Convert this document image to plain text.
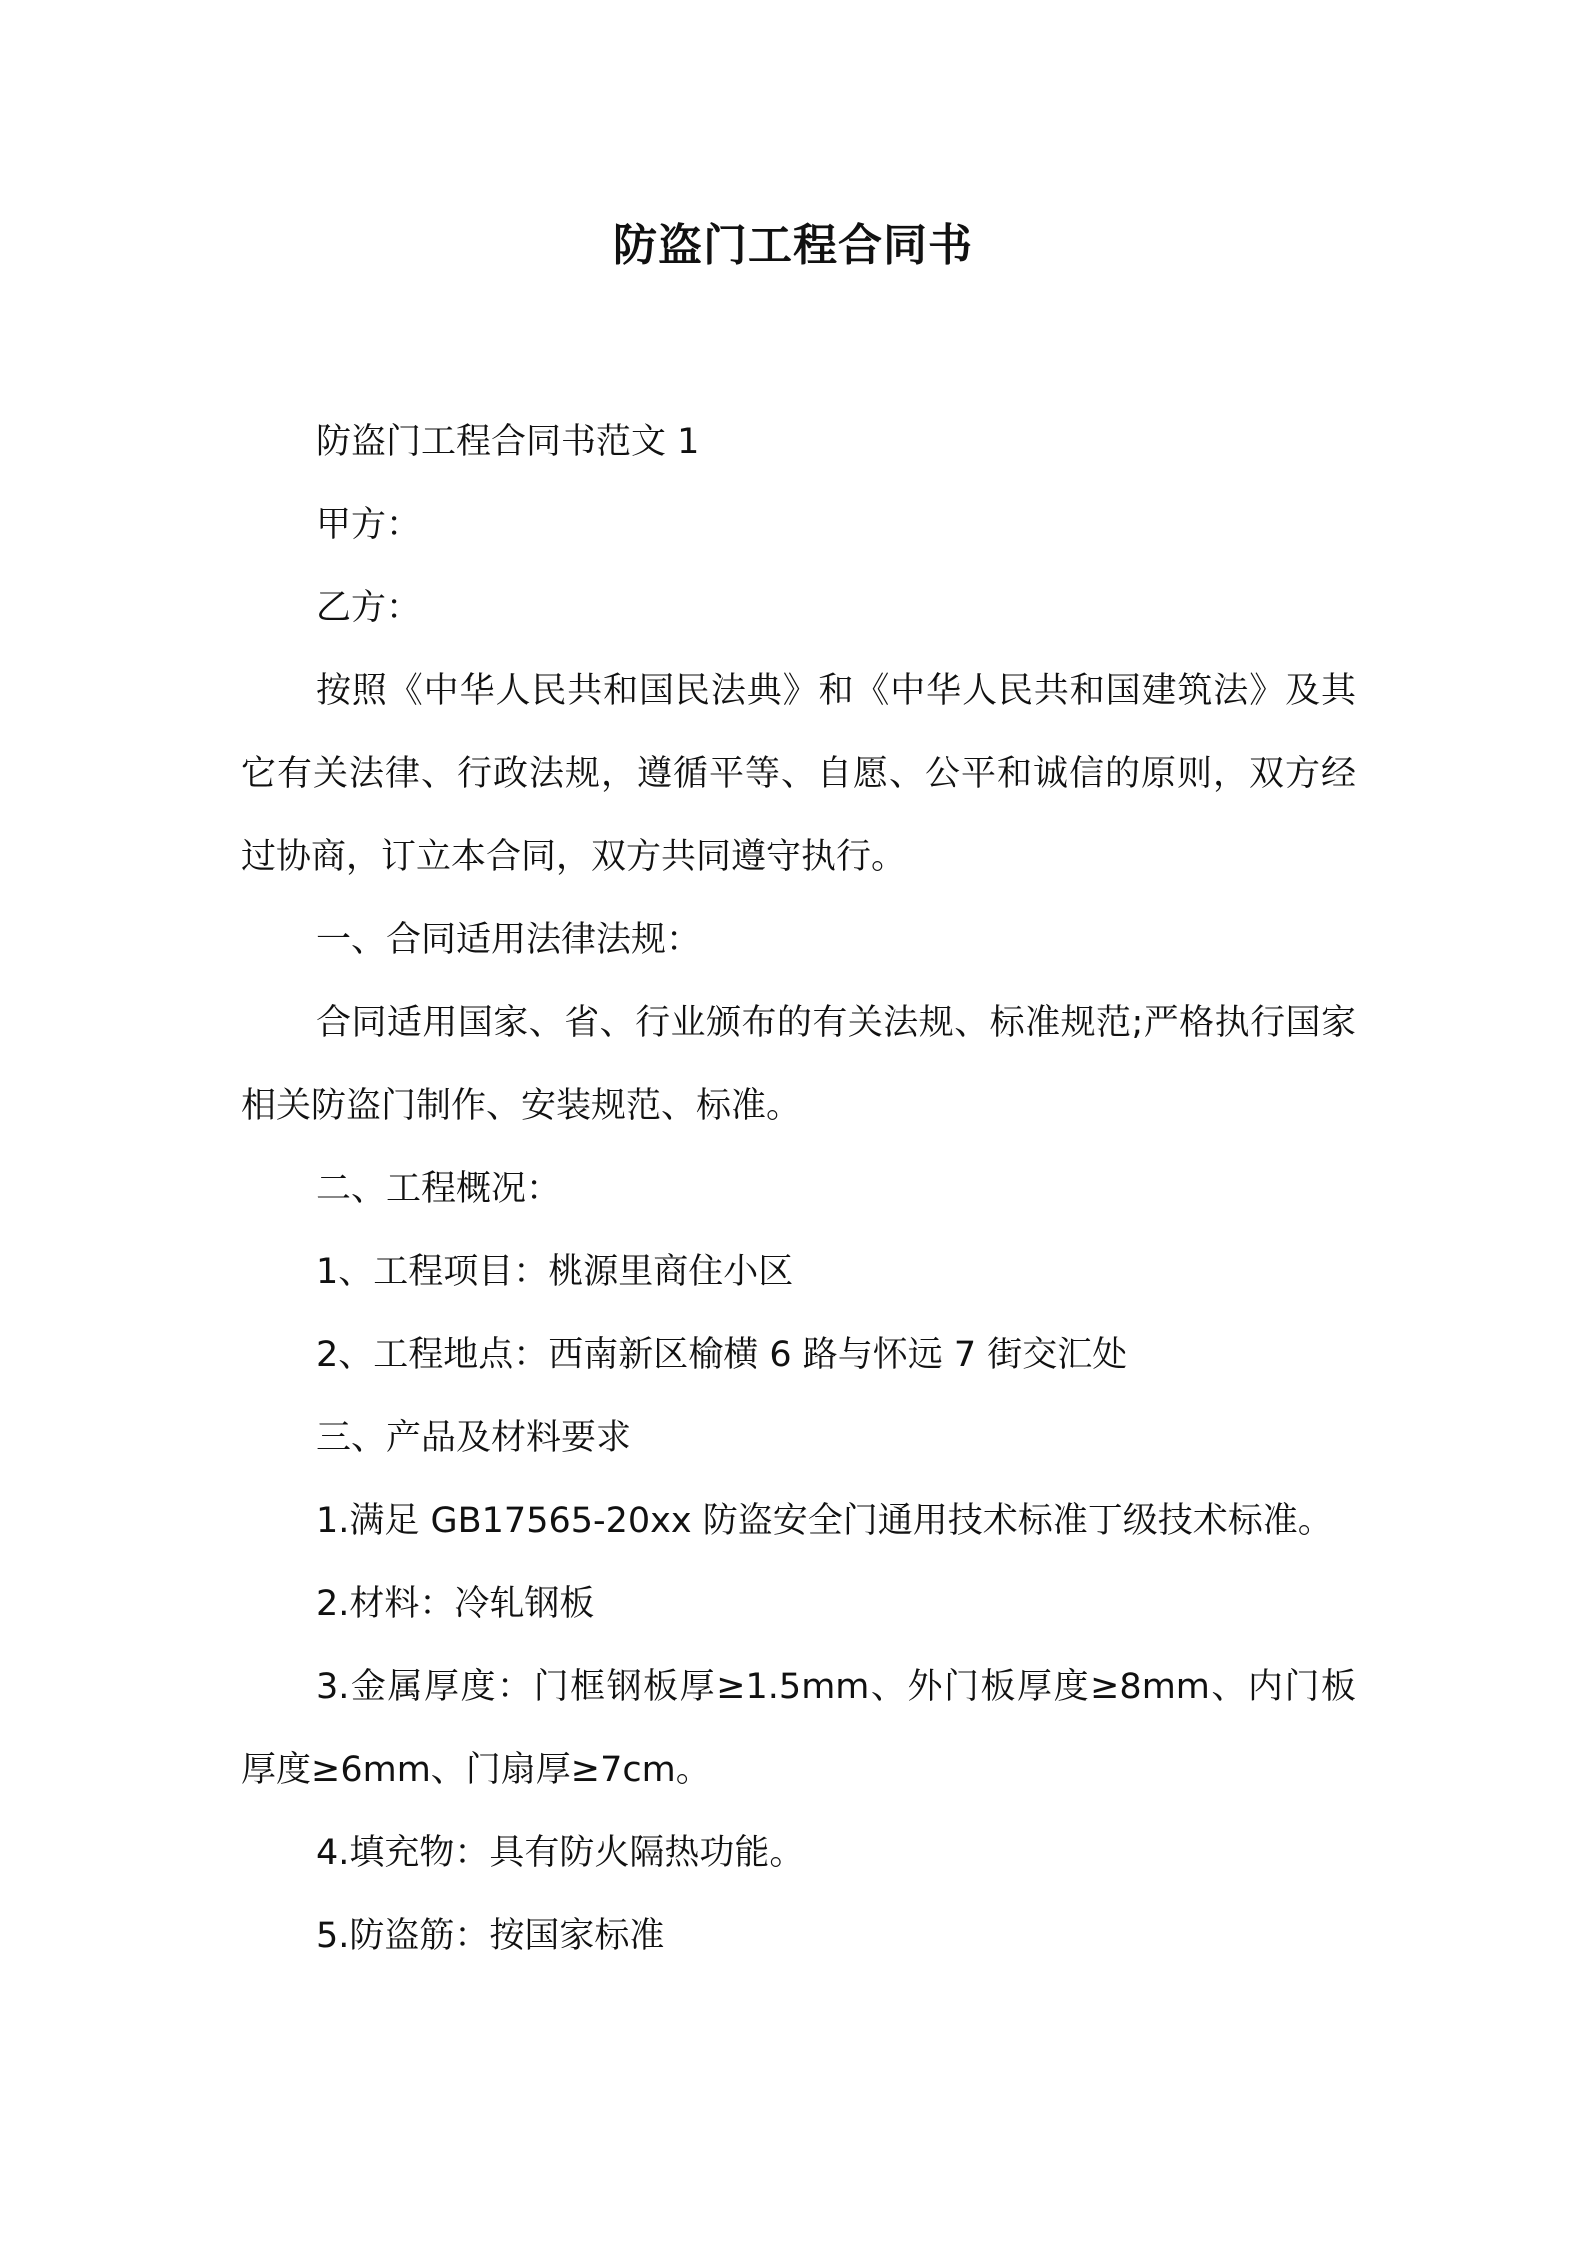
防盗门工程合同书

防盗门工程合同书范文 1

甲方：

乙方：

按照《中华人民共和国民法典》和《中华人民共和国建筑法》及其它有关法律、行政法规，遵循平等、自愿、公平和诚信的原则，双方经过协商，订立本合同，双方共同遵守执行。

一、合同适用法律法规：

合同适用国家、省、行业颁布的有关法规、标准规范;严格执行国家相关防盗门制作、安装规范、标准。

二、工程概况：

1、工程项目：桃源里商住小区

2、工程地点：西南新区榆横 6 路与怀远 7 街交汇处

三、产品及材料要求

1.满足 GB17565-20xx 防盗安全门通用技术标准丁级技术标准。

2.材料：冷轧钢板

3.金属厚度：门框钢板厚≥1.5mm、外门板厚度≥8mm、内门板厚度≥6mm、门扇厚≥7cm。

4.填充物：具有防火隔热功能。

5.防盗筋：按国家标准
